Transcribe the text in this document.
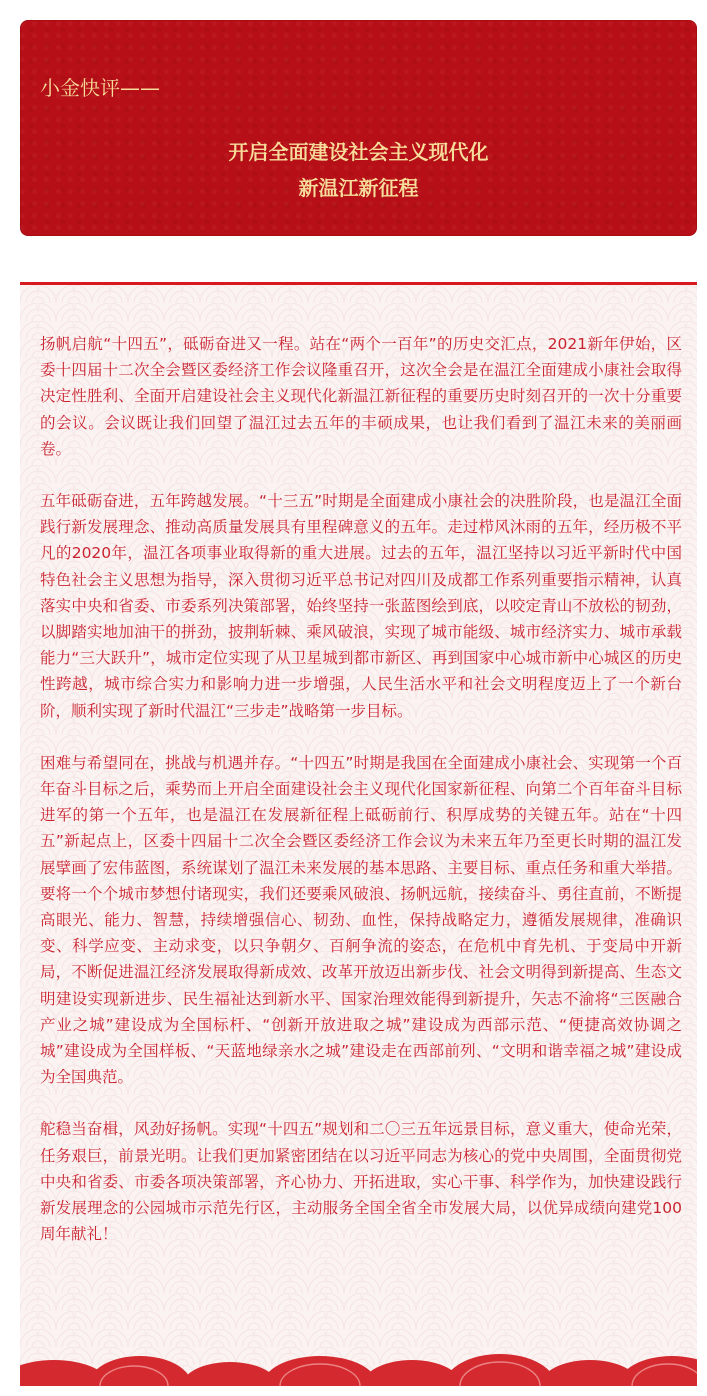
小金快评——
开启全面建设社会主义现代化
新温江新征程

扬帆启航“十四五”，砥砺奋进又一程。站在“两个一百年”的历史交汇点，2021新年伊始，区委十四届十二次全会暨区委经济工作会议隆重召开，这次全会是在温江全面建成小康社会取得决定性胜利、全面开启建设社会主义现代化新温江新征程的重要历史时刻召开的一次十分重要的会议。会议既让我们回望了温江过去五年的丰硕成果，也让我们看到了温江未来的美丽画卷。

五年砥砺奋进，五年跨越发展。“十三五”时期是全面建成小康社会的决胜阶段，也是温江全面践行新发展理念、推动高质量发展具有里程碑意义的五年。走过栉风沐雨的五年，经历极不平凡的2020年，温江各项事业取得新的重大进展。过去的五年，温江坚持以习近平新时代中国特色社会主义思想为指导，深入贯彻习近平总书记对四川及成都工作系列重要指示精神，认真落实中央和省委、市委系列决策部署，始终坚持一张蓝图绘到底，以咬定青山不放松的韧劲，以脚踏实地加油干的拼劲，披荆斩棘、乘风破浪，实现了城市能级、城市经济实力、城市承载能力“三大跃升”，城市定位实现了从卫星城到都市新区、再到国家中心城市新中心城区的历史性跨越，城市综合实力和影响力进一步增强，人民生活水平和社会文明程度迈上了一个新台阶，顺利实现了新时代温江“三步走”战略第一步目标。

困难与希望同在，挑战与机遇并存。“十四五”时期是我国在全面建成小康社会、实现第一个百年奋斗目标之后，乘势而上开启全面建设社会主义现代化国家新征程、向第二个百年奋斗目标进军的第一个五年，也是温江在发展新征程上砥砺前行、积厚成势的关键五年。站在“十四五”新起点上，区委十四届十二次全会暨区委经济工作会议为未来五年乃至更长时期的温江发展擘画了宏伟蓝图，系统谋划了温江未来发展的基本思路、主要目标、重点任务和重大举措。要将一个个城市梦想付诸现实，我们还要乘风破浪、扬帆远航，接续奋斗、勇往直前，不断提高眼光、能力、智慧，持续增强信心、韧劲、血性，保持战略定力，遵循发展规律，准确识变、科学应变、主动求变，以只争朝夕、百舸争流的姿态，在危机中育先机、于变局中开新局，不断促进温江经济发展取得新成效、改革开放迈出新步伐、社会文明得到新提高、生态文明建设实现新进步、民生福祉达到新水平、国家治理效能得到新提升，矢志不渝将“三医融合产业之城”建设成为全国标杆、“创新开放进取之城”建设成为西部示范、“便捷高效协调之城”建设成为全国样板、“天蓝地绿亲水之城”建设走在西部前列、“文明和谐幸福之城”建设成为全国典范。

舵稳当奋楫，风劲好扬帆。实现“十四五”规划和二〇三五年远景目标，意义重大，使命光荣，任务艰巨，前景光明。让我们更加紧密团结在以习近平同志为核心的党中央周围，全面贯彻党中央和省委、市委各项决策部署，齐心协力、开拓进取，实心干事、科学作为，加快建设践行新发展理念的公园城市示范先行区，主动服务全国全省全市发展大局，以优异成绩向建党100周年献礼！
